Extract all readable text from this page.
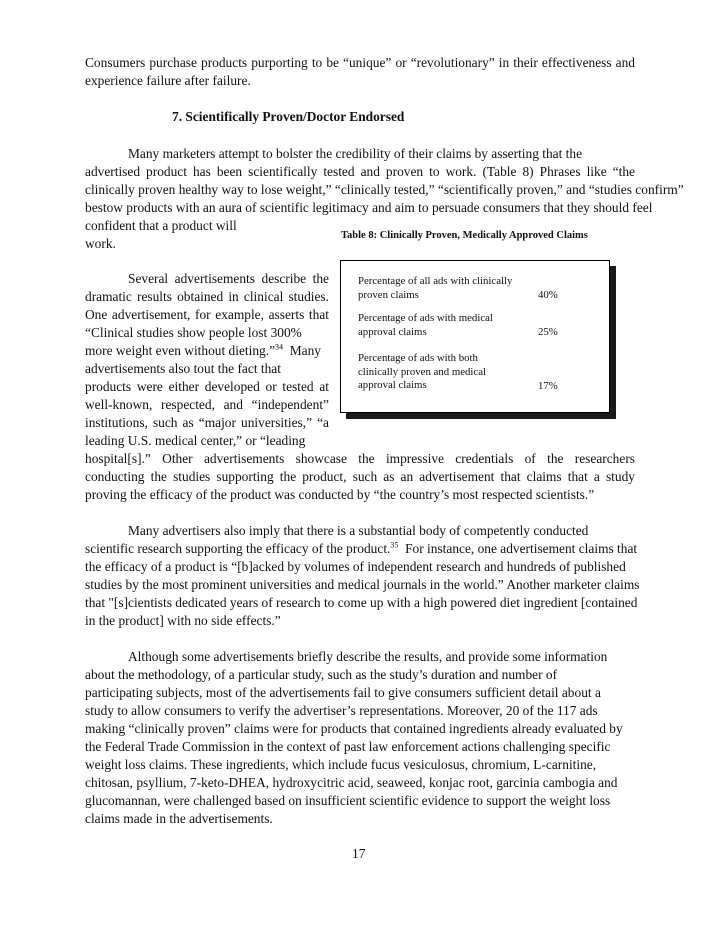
Consumers purchase products purporting to be “unique” or “revolutionary” in their effectiveness and
experience failure after failure.
7. Scientifically Proven/Doctor Endorsed
Many marketers attempt to bolster the credibility of their claims by asserting that the
advertised product has been scientifically tested and proven to work. (Table 8) Phrases like “the
clinically proven healthy way to lose weight,” “clinically tested,” “scientifically proven,” and “studies confirm”
bestow products with an aura of scientific legitimacy and aim to persuade consumers that they should feel
confident that a product will
work.
Table 8: Clinically Proven, Medically Approved Claims
Percentage of all ads with clinically
proven claims	40%
Percentage of ads with medical
approval claims	25%
Percentage of ads with both
clinically proven and medical
approval claims	17%
Several advertisements describe the
dramatic results obtained in clinical studies.
One advertisement, for example, asserts that
“Clinical studies show people lost 300%
more weight even without dieting.”$^{34}$  Many
advertisements also tout the fact that
products were either developed or tested at
well-known, respected, and “independent”
institutions, such as “major universities,” “a
leading U.S. medical center,” or “leading
hospital[s].” Other advertisements showcase the impressive credentials of the researchers
conducting the studies supporting the product, such as an advertisement that claims that a study
proving the efficacy of the product was conducted by “the country’s most respected scientists.”
Many advertisers also imply that there is a substantial body of competently conducted
scientific research supporting the efficacy of the product.$^{35}$  For instance, one advertisement claims that
the efficacy of a product is “[b]acked by volumes of independent research and hundreds of published
studies by the most prominent universities and medical journals in the world.” Another marketer claims
that "[s]cientists dedicated years of research to come up with a high powered diet ingredient [contained
in the product] with no side effects.”
Although some advertisements briefly describe the results, and provide some information
about the methodology, of a particular study, such as the study’s duration and number of
participating subjects, most of the advertisements fail to give consumers sufficient detail about a
study to allow consumers to verify the advertiser’s representations. Moreover, 20 of the 117 ads
making “clinically proven” claims were for products that contained ingredients already evaluated by
the Federal Trade Commission in the context of past law enforcement actions challenging specific
weight loss claims. These ingredients, which include fucus vesiculosus, chromium, L-carnitine,
chitosan, psyllium, 7-keto-DHEA, hydroxycitric acid, seaweed, konjac root, garcinia cambogia and
glucomannan, were challenged based on insufficient scientific evidence to support the weight loss
claims made in the advertisements.
17
